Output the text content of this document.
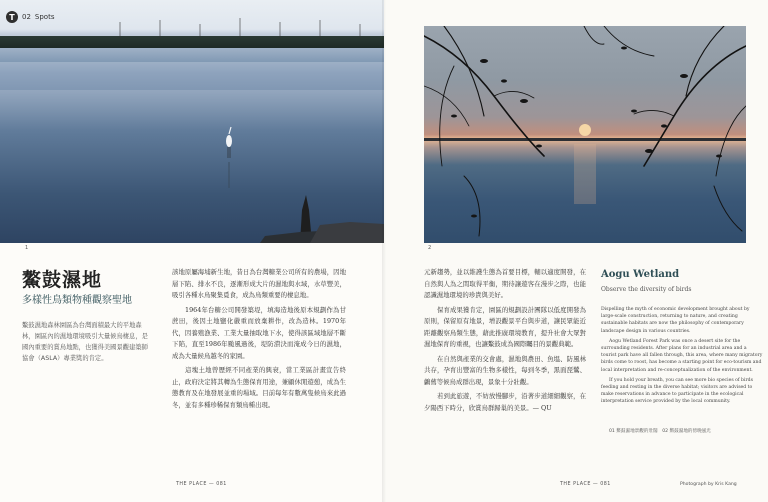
T	02 Spots
1
鰲鼓濕地
多樣性鳥類物種觀察聖地
鰲鼓濕地森林園區為台灣面積最大的平地森林，園區內的濕地環境吸引大量候鳥棲息，是國內重要的賞鳥地點，也獲得美國景觀建築師協會（ASLA）專業獎的肯定。

該地原屬海埔新生地，昔日為台灣糖業公司所有的農場，因地層下陷、排水不良，逐漸形成大片的濕地與水域，水草豐美，吸引各種水鳥聚集覓食，成為鳥類重要的棲息地。

1964年台糖公司開發築堤，填海造地後原本規劃作為甘蔗田，後因土地鹽化嚴重而放棄耕作，改為造林。1970年代，因養殖漁業、工業大量抽取地下水，使得該區域地層不斷下陷，直至1986年颱風過後，堤防潰決而淹成今日的濕地，成為大量候鳥越冬的家園。

這塊土地曾歷經不同產業的興衰，當工業區計畫宣告終止，政府決定將其轉為生態保育用途，兼顧休閒遊憩，成為生態教育及在地發展並重的場域。目前每年有數萬隻候鳥來此過冬，並有多種珍稀保育類鳥種出現。

THE PLACE — 081
2

元新趨勢，並以維護生態為首要目標，輔以適度開發，在自然與人為之間取得平衡，期待讓遊客在漫步之際，也能認識濕地環境的珍貴與美好。

保育成果獲肯定，園區的規劃設計團隊以低度開發為原則，保留原有地景，增設觀景平台與步道，讓民眾能近距離觀察鳥類生態，藉此推廣環境教育，提升社會大眾對濕地保育的重視，也讓鰲鼓成為國際矚目的景觀典範。

在自然與產業的交會處，濕地與農田、魚塭、防風林共存，孕育出豐富的生物多樣性，每到冬季，黑面琵鷺、鸕鶿等候鳥成群出現，景象十分壯觀。

若到此旅遊，不妨放慢腳步，沿著步道細細觀察，在夕陽西下時分，欣賞鳥群歸巢的美景。— QU

Aogu Wetland
Observe the diversity of birds

Dispelling the myth of economic development brought about by large-scale construction, returning to nature, and creating sustainable habitats are now the philosophy of contemporary landscape design in various countries.

Aogu Wetland Forest Park was once a desert site for the surrounding residents. After plans for an industrial area and a tourist park have all fallen through, this area, where many migratory birds come to roost, has become a starting point for eco-tourism and local interpretation and re-conceptualization of the environment.

If you hold your breath, you can see more bio species of birds feeding and resting in the diverse habitat; visitors are advised to make reservations in advance to participate in the ecological interpretation service provided by the local community.

01 鰲鼓濕地景觀的壯闊　02 鰲鼓濕地的傍晚風光
THE PLACE — 081	Photograph by Kris Kang
